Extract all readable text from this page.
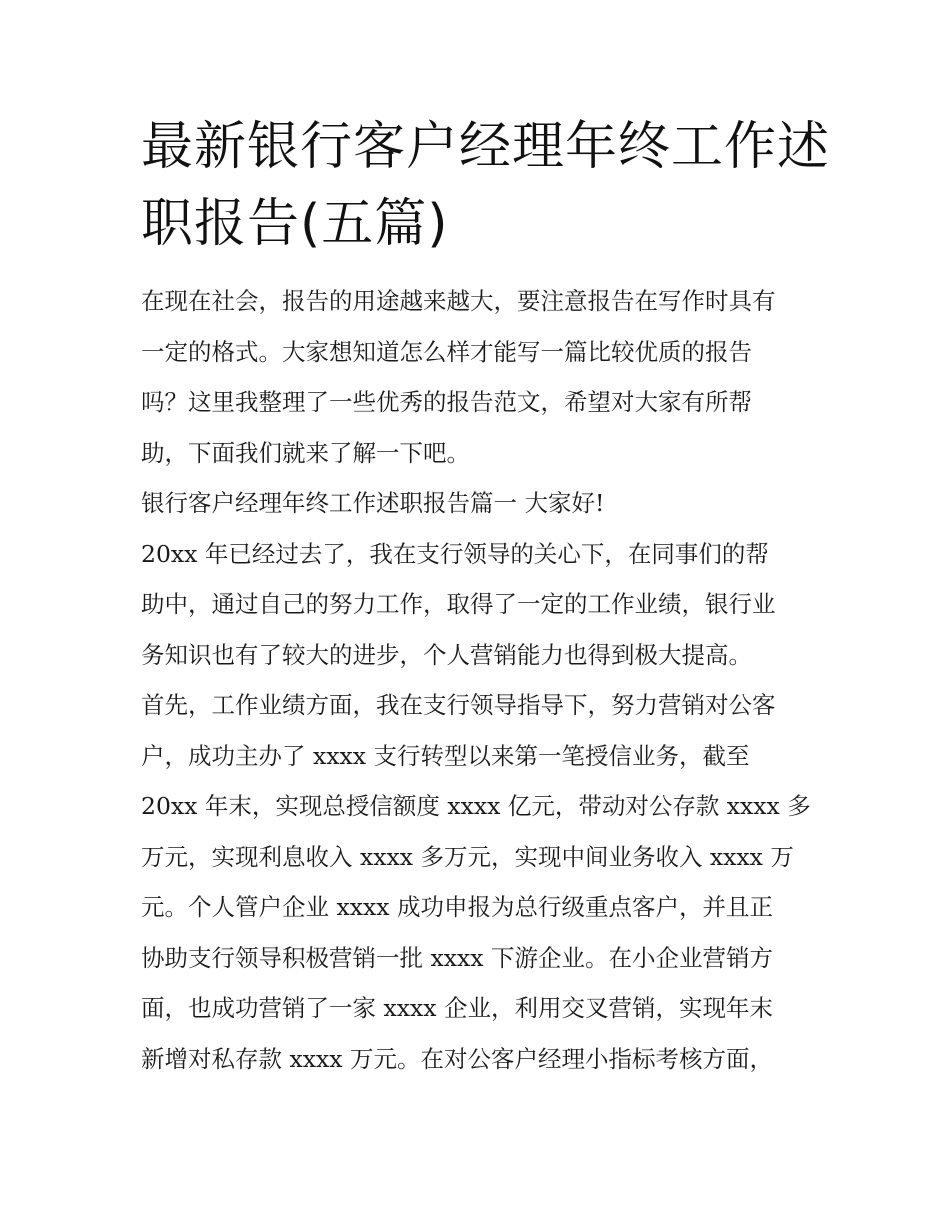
最新银行客户经理年终工作述
职报告(五篇)

在现在社会，报告的用途越来越大，要注意报告在写作时具有

一定的格式。大家想知道怎么样才能写一篇比较优质的报告

吗？这里我整理了一些优秀的报告范文，希望对大家有所帮

助，下面我们就来了解一下吧。

银行客户经理年终工作述职报告篇一 大家好!

20xx 年已经过去了，我在支行领导的关心下，在同事们的帮

助中，通过自己的努力工作，取得了一定的工作业绩，银行业

务知识也有了较大的进步，个人营销能力也得到极大提高。

首先，工作业绩方面，我在支行领导指导下，努力营销对公客

户，成功主办了 xxxx 支行转型以来第一笔授信业务，截至

20xx 年末，实现总授信额度 xxxx 亿元，带动对公存款 xxxx 多

万元，实现利息收入 xxxx 多万元，实现中间业务收入 xxxx 万

元。个人管户企业 xxxx 成功申报为总行级重点客户，并且正

协助支行领导积极营销一批 xxxx 下游企业。在小企业营销方

面，也成功营销了一家 xxxx 企业，利用交叉营销，实现年末

新增对私存款 xxxx 万元。在对公客户经理小指标考核方面，
